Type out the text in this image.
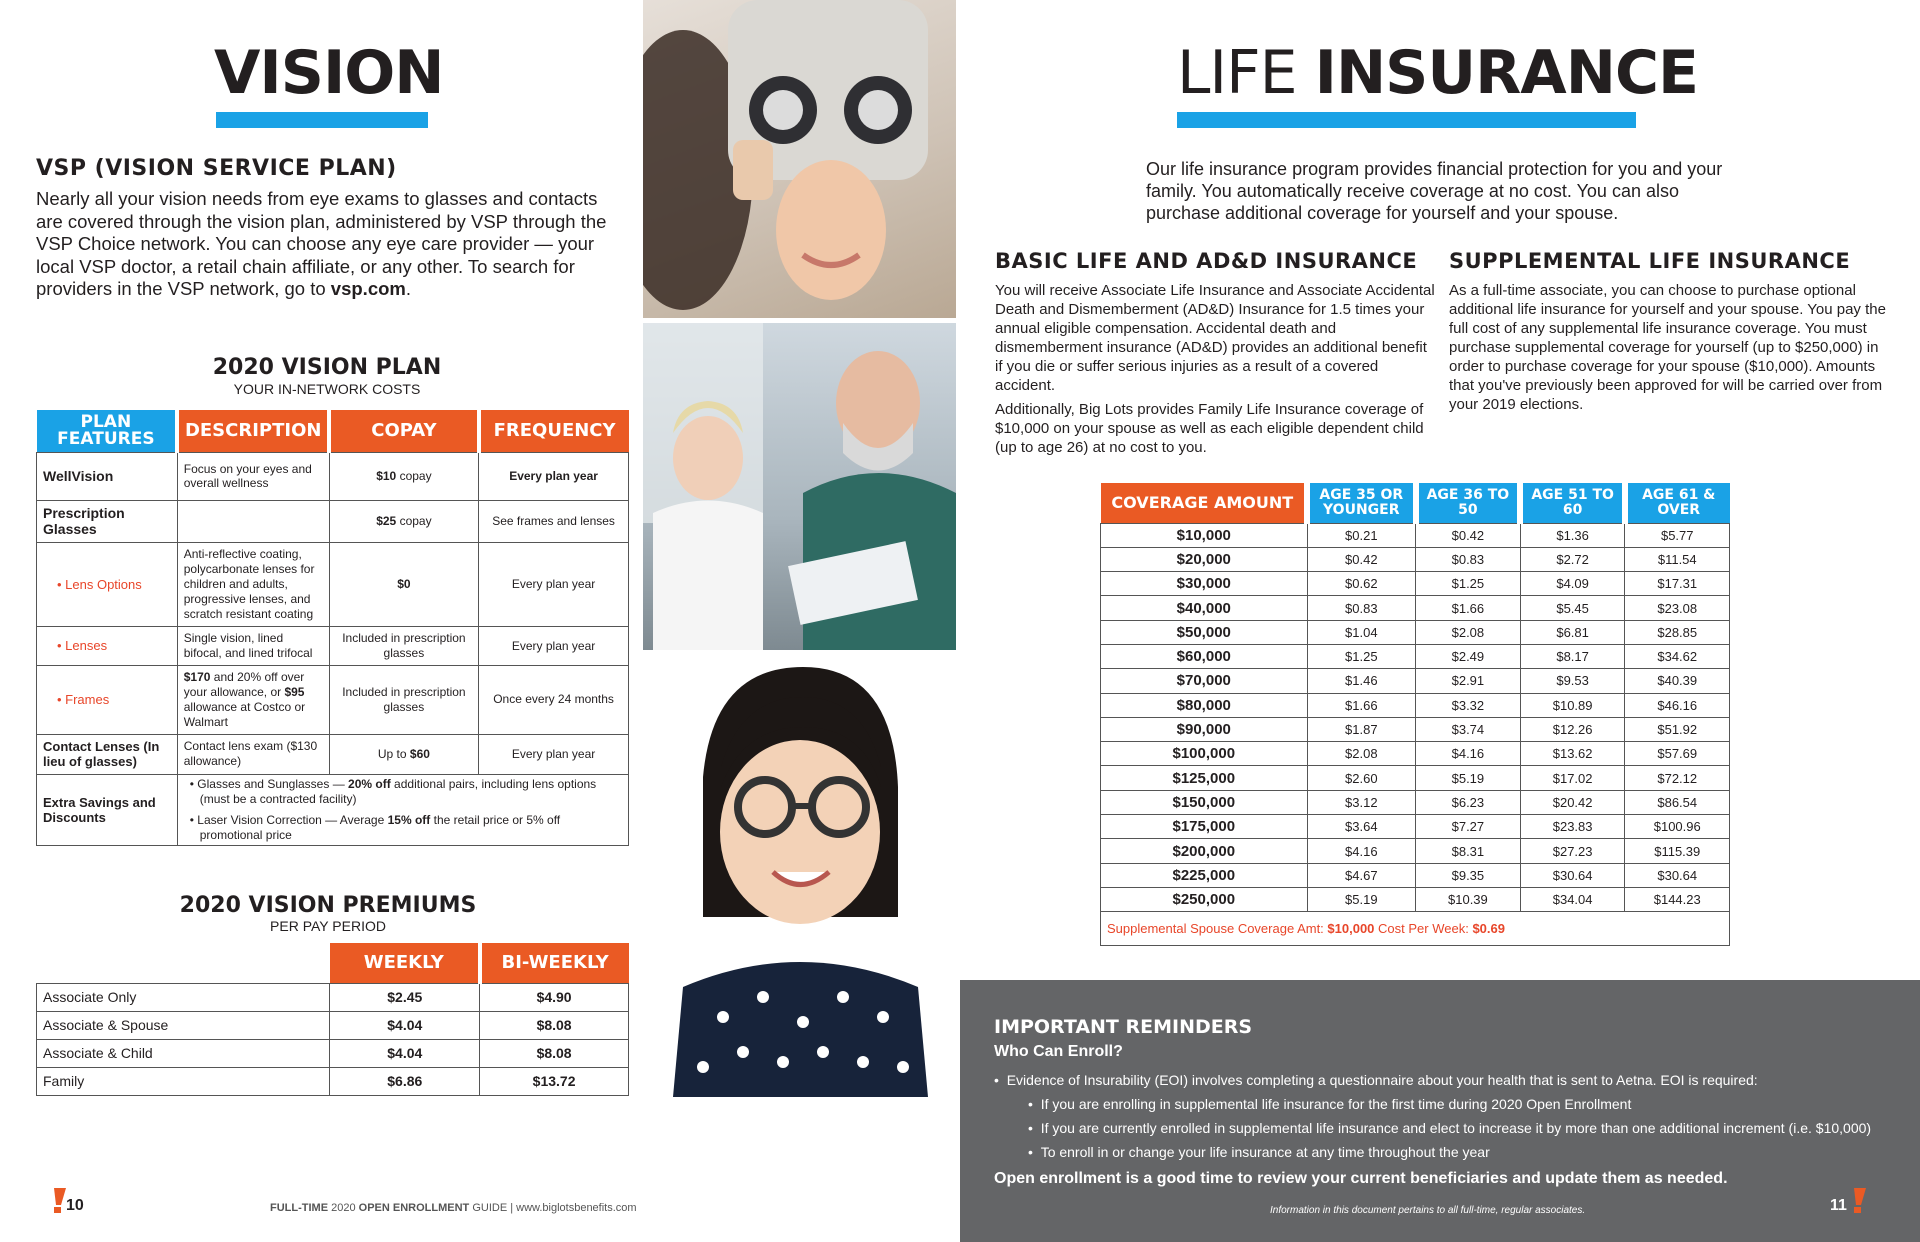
VISION
VSP (VISION SERVICE PLAN)
Nearly all your vision needs from eye exams to glasses and contacts are covered through the vision plan, administered by VSP through the VSP Choice network. You can choose any eye care provider — your local VSP doctor, a retail chain affiliate, or any other. To search for providers in the VSP network, go to vsp.com.
2020 VISION PLAN
YOUR IN-NETWORK COSTS
PLAN FEATURES	DESCRIPTION	COPAY	FREQUENCY
WellVision	Focus on your eyes and overall wellness	$10 copay	Every plan year
Prescription Glasses		$25 copay	See frames and lenses
• Lens Options	Anti-reflective coating, polycarbonate lenses for children and adults, progressive lenses, and scratch resistant coating	$0	Every plan year
• Lenses	Single vision, lined bifocal, and lined trifocal	Included in prescription glasses	Every plan year
• Frames	$170 and 20% off over your allowance, or $95 allowance at Costco or Walmart	Included in prescription glasses	Once every 24 months
Contact Lenses (In lieu of glasses)	Contact lens exam ($130 allowance)	Up to $60	Every plan year
Extra Savings and Discounts	• Glasses and Sunglasses — 20% off additional pairs, including lens options (must be a contracted facility)
• Laser Vision Correction — Average 15% off the retail price or 5% off promotional price		
2020 VISION PREMIUMS
PER PAY PERIOD
	WEEKLY	BI-WEEKLY
Associate Only	$2.45	$4.90
Associate & Spouse	$4.04	$8.08
Associate & Child	$4.04	$8.08
Family	$6.86	$13.72
10	FULL-TIME 2020 OPEN ENROLLMENT GUIDE | www.biglotsbenefits.com
LIFE INSURANCE
Our life insurance program provides financial protection for you and your family. You automatically receive coverage at no cost. You can also purchase additional coverage for yourself and your spouse.
BASIC LIFE AND AD&D INSURANCE
You will receive Associate Life Insurance and Associate Accidental Death and Dismemberment (AD&D) Insurance for 1.5 times your annual eligible compensation. Accidental death and dismemberment insurance (AD&D) provides an additional benefit if you die or suffer serious injuries as a result of a covered accident.
Additionally, Big Lots provides Family Life Insurance coverage of $10,000 on your spouse as well as each eligible dependent child (up to age 26) at no cost to you.
SUPPLEMENTAL LIFE INSURANCE
As a full-time associate, you can choose to purchase optional additional life insurance for yourself and your spouse. You pay the full cost of any supplemental life insurance coverage. You must purchase supplemental coverage for yourself (up to $250,000) in order to purchase coverage for your spouse ($10,000). Amounts that you've previously been approved for will be carried over from your 2019 elections.
COVERAGE AMOUNT	AGE 35 OR YOUNGER	AGE 36 TO 50	AGE 51 TO 60	AGE 61 & OVER
$10,000	$0.21	$0.42	$1.36	$5.77
$20,000	$0.42	$0.83	$2.72	$11.54
$30,000	$0.62	$1.25	$4.09	$17.31
$40,000	$0.83	$1.66	$5.45	$23.08
$50,000	$1.04	$2.08	$6.81	$28.85
$60,000	$1.25	$2.49	$8.17	$34.62
$70,000	$1.46	$2.91	$9.53	$40.39
$80,000	$1.66	$3.32	$10.89	$46.16
$90,000	$1.87	$3.74	$12.26	$51.92
$100,000	$2.08	$4.16	$13.62	$57.69
$125,000	$2.60	$5.19	$17.02	$72.12
$150,000	$3.12	$6.23	$20.42	$86.54
$175,000	$3.64	$7.27	$23.83	$100.96
$200,000	$4.16	$8.31	$27.23	$115.39
$225,000	$4.67	$9.35	$30.64	$30.64
$250,000	$5.19	$10.39	$34.04	$144.23
Supplemental Spouse Coverage Amt: $10,000 Cost Per Week: $0.69				
IMPORTANT REMINDERS
Who Can Enroll?
•  Evidence of Insurability (EOI) involves completing a questionnaire about your health that is sent to Aetna. EOI is required:
•  If you are enrolling in supplemental life insurance for the first time during 2020 Open Enrollment
•  If you are currently enrolled in supplemental life insurance and elect to increase it by more than one additional increment (i.e. $10,000)
•  To enroll in or change your life insurance at any time throughout the year
Open enrollment is a good time to review your current beneficiaries and update them as needed.
Information in this document pertains to all full-time, regular associates.	11
